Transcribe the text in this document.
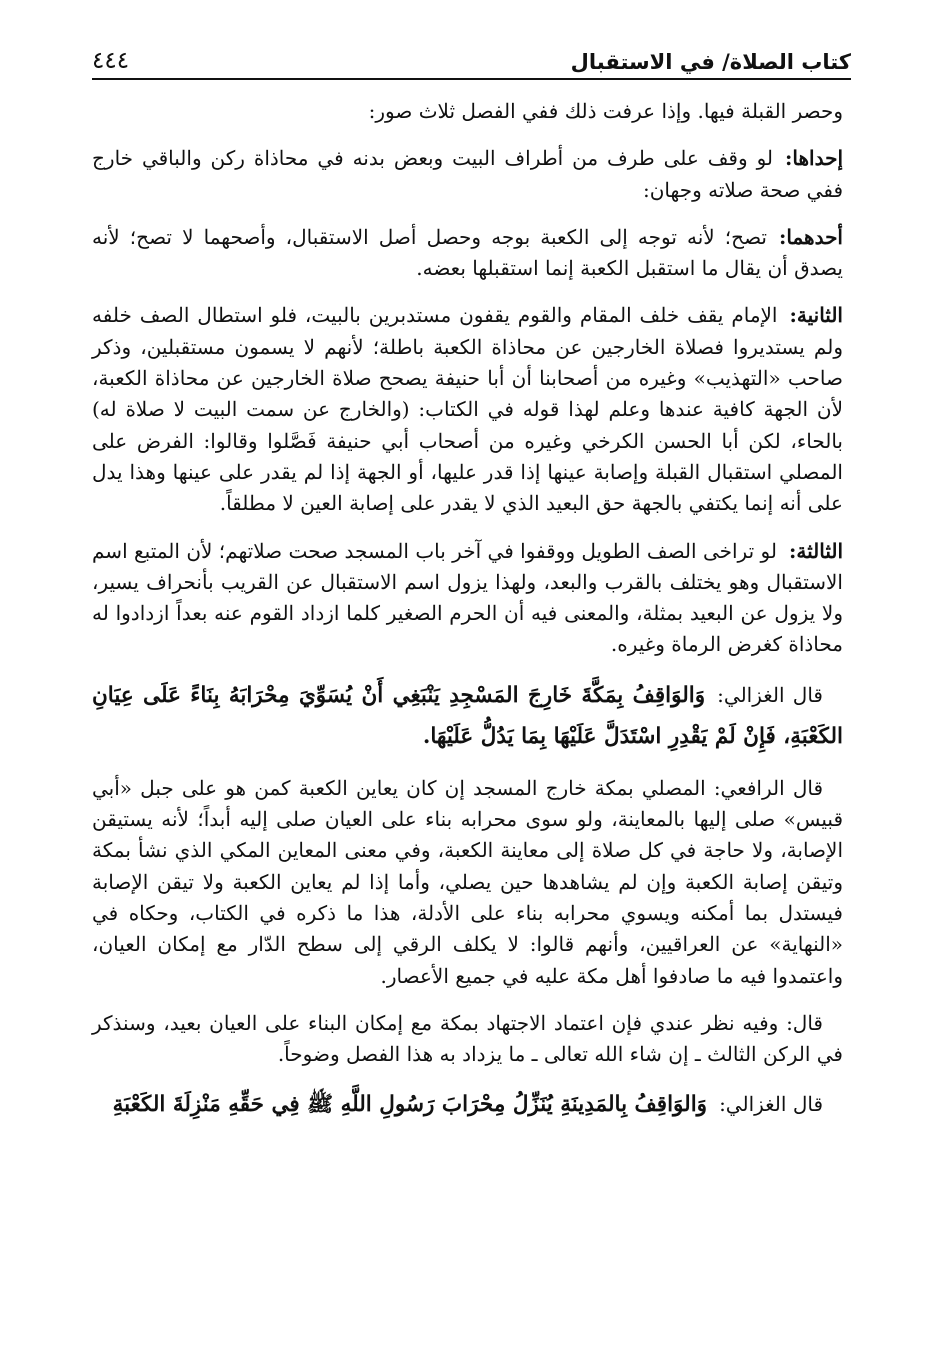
كتاب الصلاة/ في الاستقبال
٤٤٤

وحصر القبلة فيها. وإذا عرفت ذلك ففي الفصل ثلاث صور:

إحداها:لو وقف على طرف من أطراف البيت وبعض بدنه في محاذاة ركن والباقي خارج ففي صحة صلاته وجهان:

أحدهما:تصح؛ لأنه توجه إلى الكعبة بوجه وحصل أصل الاستقبال، وأصحهما لا تصح؛ لأنه يصدق أن يقال ما استقبل الكعبة إنما استقبلها بعضه.

الثانية:الإمام يقف خلف المقام والقوم يقفون مستدبرين بالبيت، فلو استطال الصف خلفه ولم يستديروا فصلاة الخارجين عن محاذاة الكعبة باطلة؛ لأنهم لا يسمون مستقبلين، وذكر صاحب «التهذيب» وغيره من أصحابنا أن أبا حنيفة يصحح صلاة الخارجين عن محاذاة الكعبة، لأن الجهة كافية عندها وعلم لهذا قوله في الكتاب: (والخارج عن سمت البيت لا صلاة له) بالحاء، لكن أبا الحسن الكرخي وغيره من أصحاب أبي حنيفة فَصَّلوا وقالوا: الفرض على المصلي استقبال القبلة وإصابة عينها إذا قدر عليها، أو الجهة إذا لم يقدر على عينها وهذا يدل على أنه إنما يكتفي بالجهة حق البعيد الذي لا يقدر على إصابة العين لا مطلقاً.

الثالثة:لو تراخى الصف الطويل ووقفوا في آخر باب المسجد صحت صلاتهم؛ لأن المتبع اسم الاستقبال وهو يختلف بالقرب والبعد، ولهذا يزول اسم الاستقبال عن القريب بأنحراف يسير، ولا يزول عن البعيد بمثلة، والمعنى فيه أن الحرم الصغير كلما ازداد القوم عنه بعداً ازدادوا له محاذاة كغرض الرماة وغيره.

قال الغزالي:وَالوَاقِفُ بِمَكَّةَ خَارِجَ المَسْجِدِ يَنْبَغِي أَنْ يُسَوِّيَ مِحْرَابَهُ بِنَاءً عَلَى عِيَانِ الكَعْبَةِ، فَإِنْ لَمْ يَقْدِرِ اسْتَدَلَّ عَلَيْهَا بِمَا يَدُلُّ عَلَيْهَا.

قال الرافعي: المصلي بمكة خارج المسجد إن كان يعاين الكعبة كمن هو على جبل «أبي قبيس» صلى إليها بالمعاينة، ولو سوى محرابه بناء على العيان صلى إليه أبداً؛ لأنه يستيقن الإصابة، ولا حاجة في كل صلاة إلى معاينة الكعبة، وفي معنى المعاين المكي الذي نشأ بمكة وتيقن إصابة الكعبة وإن لم يشاهدها حين يصلي، وأما إذا لم يعاين الكعبة ولا تيقن الإصابة فيستدل بما أمكنه ويسوي محرابه بناء على الأدلة، هذا ما ذكره في الكتاب، وحكاه في «النهاية» عن العراقيين، وأنهم قالوا: لا يكلف الرقي إلى سطح الدّار مع إمكان العيان، واعتمدوا فيه ما صادفوا أهل مكة عليه في جميع الأعصار.

قال: وفيه نظر عندي فإن اعتماد الاجتهاد بمكة مع إمكان البناء على العيان بعيد، وسنذكر في الركن الثالث ـ إن شاء الله تعالى ـ ما يزداد به هذا الفصل وضوحاً.

قال الغزالي:وَالوَاقِفُ بِالمَدِينَةِ يُنَزِّلُ مِحْرَابَ رَسُولِ اللَّهِ ﷺ فِي حَقِّهِ مَنْزِلَةَ الكَعْبَةِ
